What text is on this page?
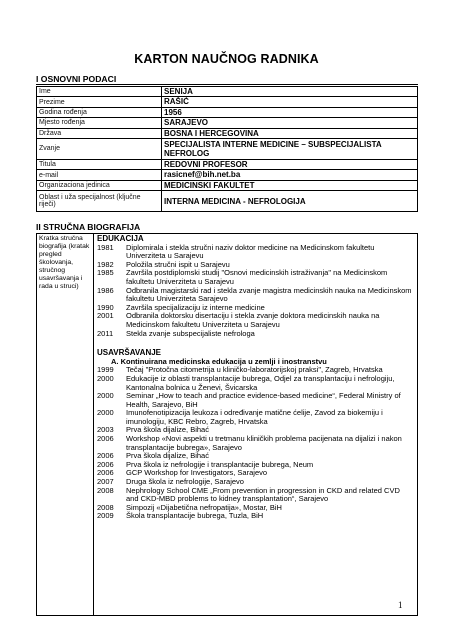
KARTON NAUČNOG RADNIKA
I OSNOVNI PODACI
Ime	SENIJA
Prezime	RAŠIĆ
Godina rođenja	1956
Mjesto rođenja	SARAJEVO
Država	BOSNA I HERCEGOVINA
Zvanje	SPECIJALISTA INTERNE MEDICINE – SUBSPECIJALISTA NEFROLOG
Titula	REDOVNI PROFESOR
e-mail	rasicnef@bih.net.ba
Organizaciona jedinica	MEDICINSKI FAKULTET
Oblast i uža specijalnost (ključne riječi)	INTERNA MEDICINA - NEFROLOGIJA
II STRUČNA BIOGRAFIJA
Kratka stručna biografija (kratak pregled školovanja, stručnog usavršavanja i rada u struci)
EDUKACIJA
1981	Diplomirala i stekla stručni naziv doktor medicine na Medicinskom fakultetu Univerziteta u Sarajevu
1982	Položila stručni ispit u Sarajevu
1985	Završila postdiplomski studij "Osnovi medicinskih istraživanja" na Medicinskom fakultetu Univerziteta u Sarajevu
1986	Odbranila magistarski rad i stekla zvanje magistra medicinskih nauka na Medicinskom fakultetu Univerziteta Sarajevo
1990	Završila specijalizaciju iz interne medicine
2001	Odbranila doktorsku disertaciju i stekla zvanje doktora medicinskih nauka na Medicinskom fakultetu Univerziteta u Sarajevu
2011	Stekla zvanje subspecijaliste nefrologa
USAVRŠAVANJE
A. Kontinuirana medicinska edukacija u zemlji i inostranstvu
1999	Tečaj "Protočna citometrija u kliničko-laboratorijskoj praksi", Zagreb, Hrvatska
2000	Edukacije iz oblasti transplantacije bubrega, Odjel za transplantaciju i nefrologiju, Kantonalna bolnica u Ženevi, Švicarska
2000	Seminar „How to teach and practice evidence-based medicine“, Federal Ministry of Health, Sarajevo, BiH
2000	Imunofenotipizacija leukoza i određivanje matične ćelije, Zavod za biokemiju i imunologiju, KBC Rebro, Zagreb, Hrvatska
2003	Prva škola dijalize, Bihać
2006	Workshop «Novi aspekti u tretmanu kliničkih problema pacijenata na dijalizi i nakon transplantacije bubrega», Sarajevo
2006	Prva škola dijalize, Bihać
2006	Prva škola iz nefrologije i transplantacije bubrega, Neum
2006	GCP Workshop for Investigators, Sarajevo
2007	Druga škola iz nefrologije, Sarajevo
2008	Nephrology School CME „From prevention in progression in CKD and related CVD and CKD-MBD problems to kidney transplantation“, Sarajevo
2008	Simpozij «Dijabetična nefropatija», Mostar, BiH
2009	Škola transplantacije bubrega, Tuzla, BiH
1
